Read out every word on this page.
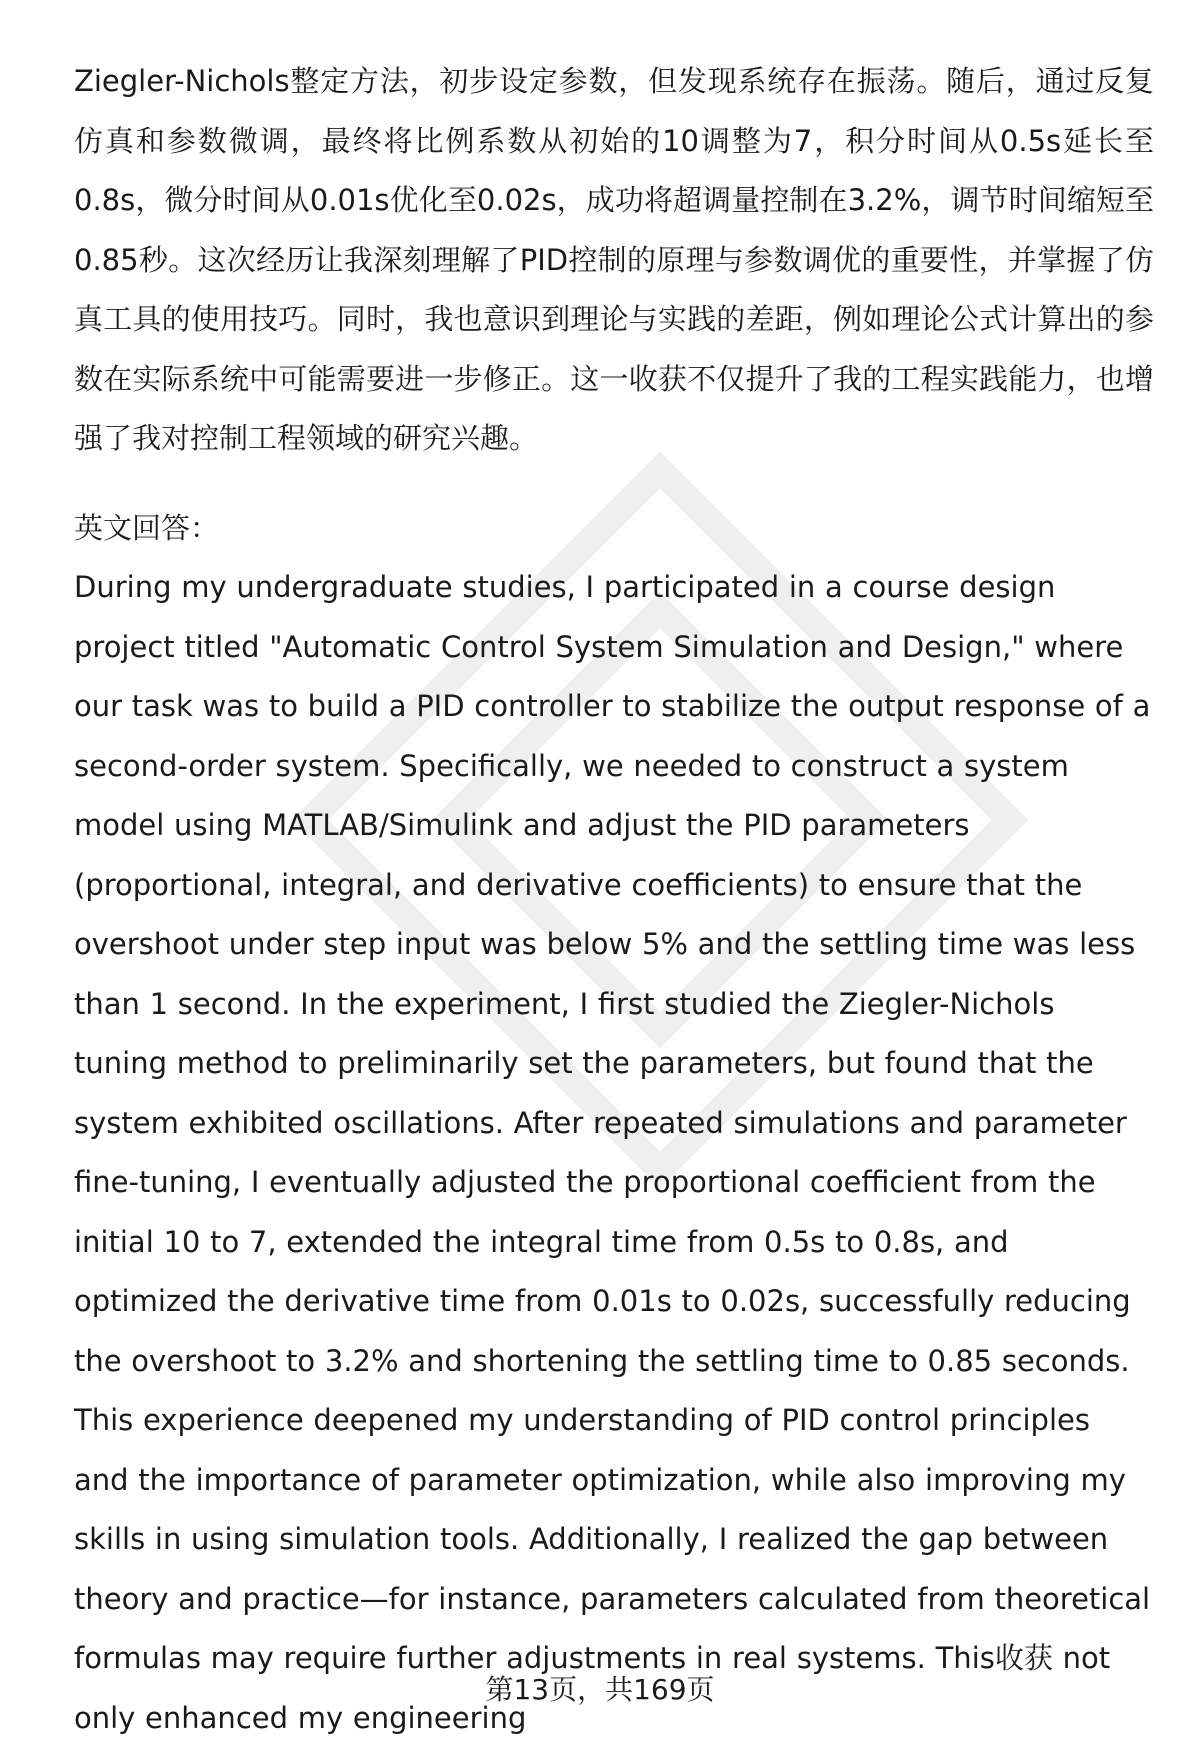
Ziegler-Nichols整定方法，初步设定参数，但发现系统存在振荡。随后，通过反复仿真和参数微调，最终将比例系数从初始的10调整为7，积分时间从0.5s延长至0.8s，微分时间从0.01s优化至0.02s，成功将超调量控制在3.2%，调节时间缩短至0.85秒。这次经历让我深刻理解了PID控制的原理与参数调优的重要性，并掌握了仿真工具的使用技巧。同时，我也意识到理论与实践的差距，例如理论公式计算出的参数在实际系统中可能需要进一步修正。这一收获不仅提升了我的工程实践能力，也增强了我对控制工程领域的研究兴趣。

英文回答：

During my undergraduate studies, I participated in a course design project titled "Automatic Control System Simulation and Design," where our task was to build a PID controller to stabilize the output response of a second-order system. Specifically, we needed to construct a system model using MATLAB/Simulink and adjust the PID parameters (proportional, integral, and derivative coefficients) to ensure that the overshoot under step input was below 5% and the settling time was less than 1 second. In the experiment, I first studied the Ziegler-Nichols tuning method to preliminarily set the parameters, but found that the system exhibited oscillations. After repeated simulations and parameter fine-tuning, I eventually adjusted the proportional coefficient from the initial 10 to 7, extended the integral time from 0.5s to 0.8s, and optimized the derivative time from 0.01s to 0.02s, successfully reducing the overshoot to 3.2% and shortening the settling time to 0.85 seconds. This experience deepened my understanding of PID control principles and the importance of parameter optimization, while also improving my skills in using simulation tools. Additionally, I realized the gap between theory and practice—for instance, parameters calculated from theoretical formulas may require further adjustments in real systems. This收获 not only enhanced my engineering

第13页，共169页
